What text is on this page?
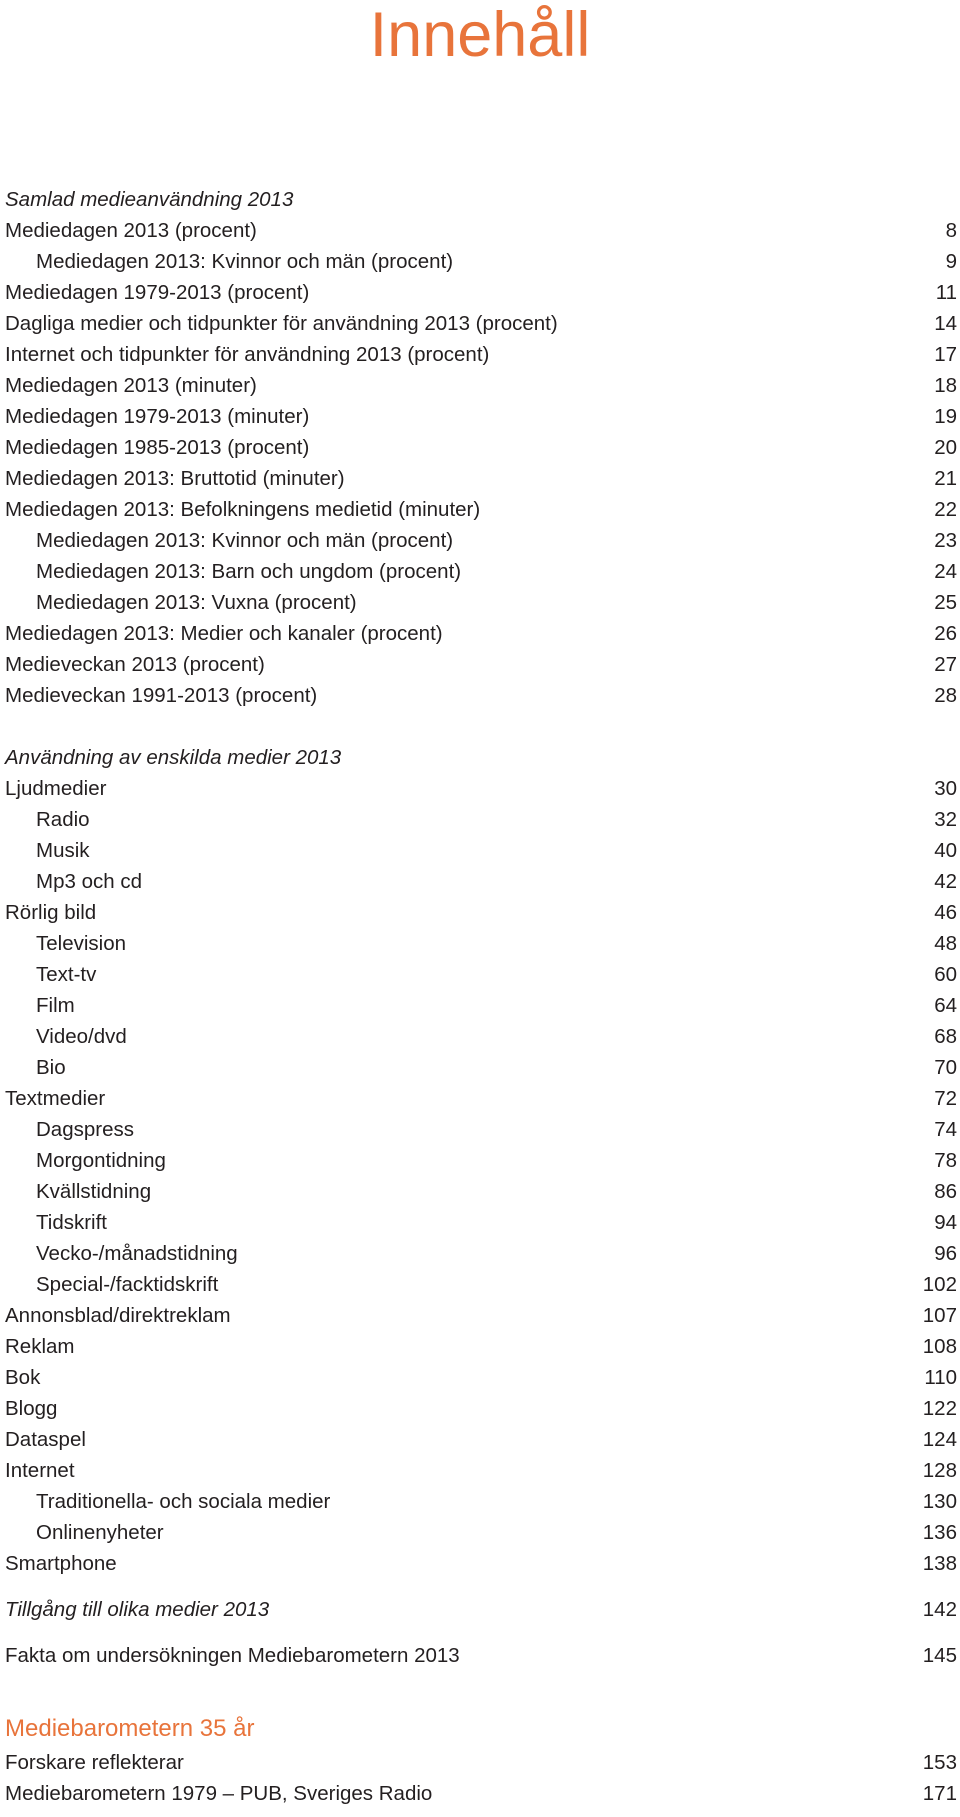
Innehåll
Samlad medieanvändning 2013
Mediedagen 2013 (procent)	8
Mediedagen 2013: Kvinnor och män (procent)	9
Mediedagen 1979-2013 (procent)	11
Dagliga medier och tidpunkter för användning 2013 (procent)	14
Internet och tidpunkter för användning 2013 (procent)	17
Mediedagen 2013 (minuter)	18
Mediedagen 1979-2013 (minuter)	19
Mediedagen 1985-2013 (procent)	20
Mediedagen 2013: Bruttotid (minuter)	21
Mediedagen 2013: Befolkningens medietid (minuter)	22
Mediedagen 2013: Kvinnor och män (procent)	23
Mediedagen 2013: Barn och ungdom (procent)	24
Mediedagen 2013: Vuxna (procent)	25
Mediedagen 2013: Medier och kanaler (procent)	26
Medieveckan 2013 (procent)	27
Medieveckan 1991-2013 (procent)	28
Användning av enskilda medier 2013
Ljudmedier	30
Radio	32
Musik	40
Mp3 och cd	42
Rörlig bild	46
Television	48
Text-tv	60
Film	64
Video/dvd	68
Bio	70
Textmedier	72
Dagspress	74
Morgontidning	78
Kvällstidning	86
Tidskrift	94
Vecko-/månadstidning	96
Special-/facktidskrift	102
Annonsblad/direktreklam	107
Reklam	108
Bok	110
Blogg	122
Dataspel	124
Internet	128
Traditionella- och sociala medier	130
Onlinenyheter	136
Smartphone	138
Tillgång till olika medier 2013	142
Fakta om undersökningen Mediebarometern 2013	145
Mediebarometern 35 år
Forskare reflekterar	153
Mediebarometern 1979 – PUB, Sveriges Radio	171
